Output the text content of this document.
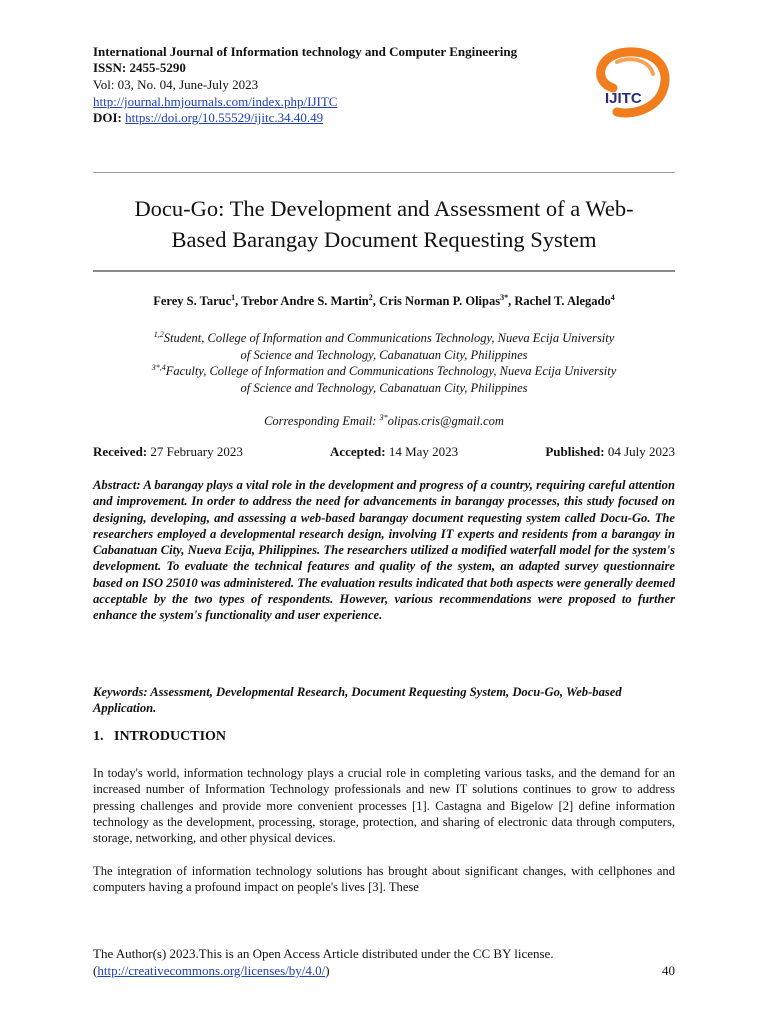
International Journal of Information technology and Computer Engineering
ISSN: 2455-5290
Vol: 03, No. 04, June-July 2023
http://journal.hmjournals.com/index.php/IJITC
DOI: https://doi.org/10.55529/ijitc.34.40.49
IJITC
Docu-Go: The Development and Assessment of a Web-
Based Barangay Document Requesting System
Ferey S. Taruc$^1$, Trebor Andre S. Martin$^2$, Cris Norman P. Olipas$^{3*}$, Rachel T. Alegado$^4$
$^{1,2}$Student, College of Information and Communications Technology, Nueva Ecija University
of Science and Technology, Cabanatuan City, Philippines
$^{3*,4}$Faculty, College of Information and Communications Technology, Nueva Ecija University
of Science and Technology, Cabanatuan City, Philippines
Corresponding Email: $^{3*}$olipas.cris@gmail.com
Received: 27 February 2023	Accepted: 14 May 2023	Published: 04 July 2023
Abstract: A barangay plays a vital role in the development and progress of a country, requiring careful attention and improvement. In order to address the need for advancements in barangay processes, this study focused on designing, developing, and assessing a web-based barangay document requesting system called Docu-Go. The researchers employed a developmental research design, involving IT experts and residents from a barangay in Cabanatuan City, Nueva Ecija, Philippines. The researchers utilized a modified waterfall model for the system's development. To evaluate the technical features and quality of the system, an adapted survey questionnaire based on ISO 25010 was administered. The evaluation results indicated that both aspects were generally deemed acceptable by the two types of respondents. However, various recommendations were proposed to further enhance the system's functionality and user experience.
Keywords: Assessment, Developmental Research, Document Requesting System, Docu-Go, Web-based Application.
1.   INTRODUCTION
In today's world, information technology plays a crucial role in completing various tasks, and the demand for an increased number of Information Technology professionals and new IT solutions continues to grow to address pressing challenges and provide more convenient processes [1]. Castagna and Bigelow [2] define information technology as the development, processing, storage, protection, and sharing of electronic data through computers, storage, networking, and other physical devices.
The integration of information technology solutions has brought about significant changes, with cellphones and computers having a profound impact on people's lives [3]. These
The Author(s) 2023.This is an Open Access Article distributed under the CC BY license.
(http://creativecommons.org/licenses/by/4.0/)	40
